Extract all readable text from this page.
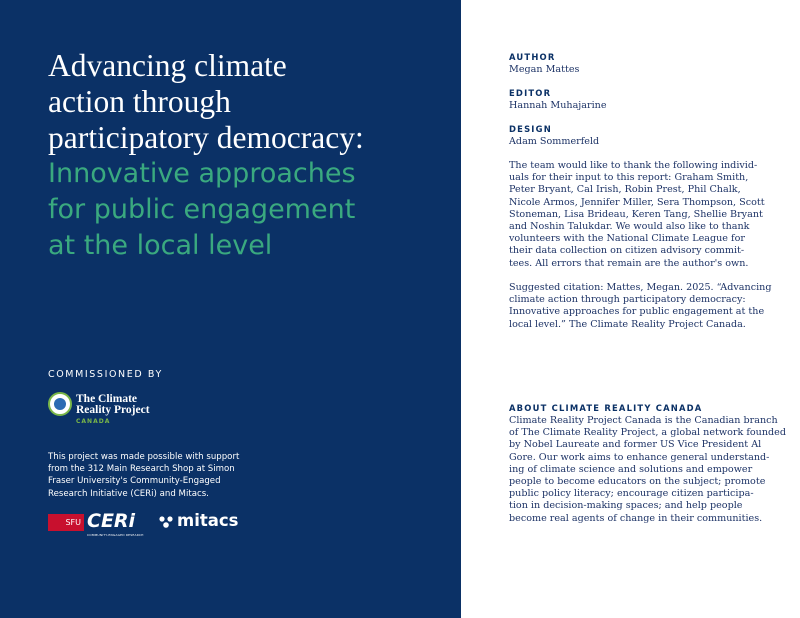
Advancing climate
action through
participatory democracy:
Innovative approaches
for public engagement
at the local level
COMMISSIONED BY
The Climate
Reality Project
CANADA
This project was made possible with support
from the 312 Main Research Shop at Simon
Fraser University's Community-Engaged
Research Initiative (CERi) and Mitacs.
SFU CERi
COMMUNITY-ENGAGED RESEARCH
mitacs
AUTHOR
Megan Mattes
EDITOR
Hannah Muhajarine
DESIGN
Adam Sommerfeld
The team would like to thank the following individ-
uals for their input to this report: Graham Smith,
Peter Bryant, Cal Irish, Robin Prest, Phil Chalk,
Nicole Armos, Jennifer Miller, Sera Thompson, Scott
Stoneman, Lisa Brideau, Keren Tang, Shellie Bryant
and Noshin Talukdar. We would also like to thank
volunteers with the National Climate League for
their data collection on citizen advisory commit-
tees. All errors that remain are the author's own.
Suggested citation: Mattes, Megan. 2025. “Advancing
climate action through participatory democracy:
Innovative approaches for public engagement at the
local level.” The Climate Reality Project Canada.
ABOUT CLIMATE REALITY CANADA
Climate Reality Project Canada is the Canadian branch
of The Climate Reality Project, a global network founded
by Nobel Laureate and former US Vice President Al
Gore. Our work aims to enhance general understand-
ing of climate science and solutions and empower
people to become educators on the subject; promote
public policy literacy; encourage citizen participa-
tion in decision-making spaces; and help people
become real agents of change in their communities.
